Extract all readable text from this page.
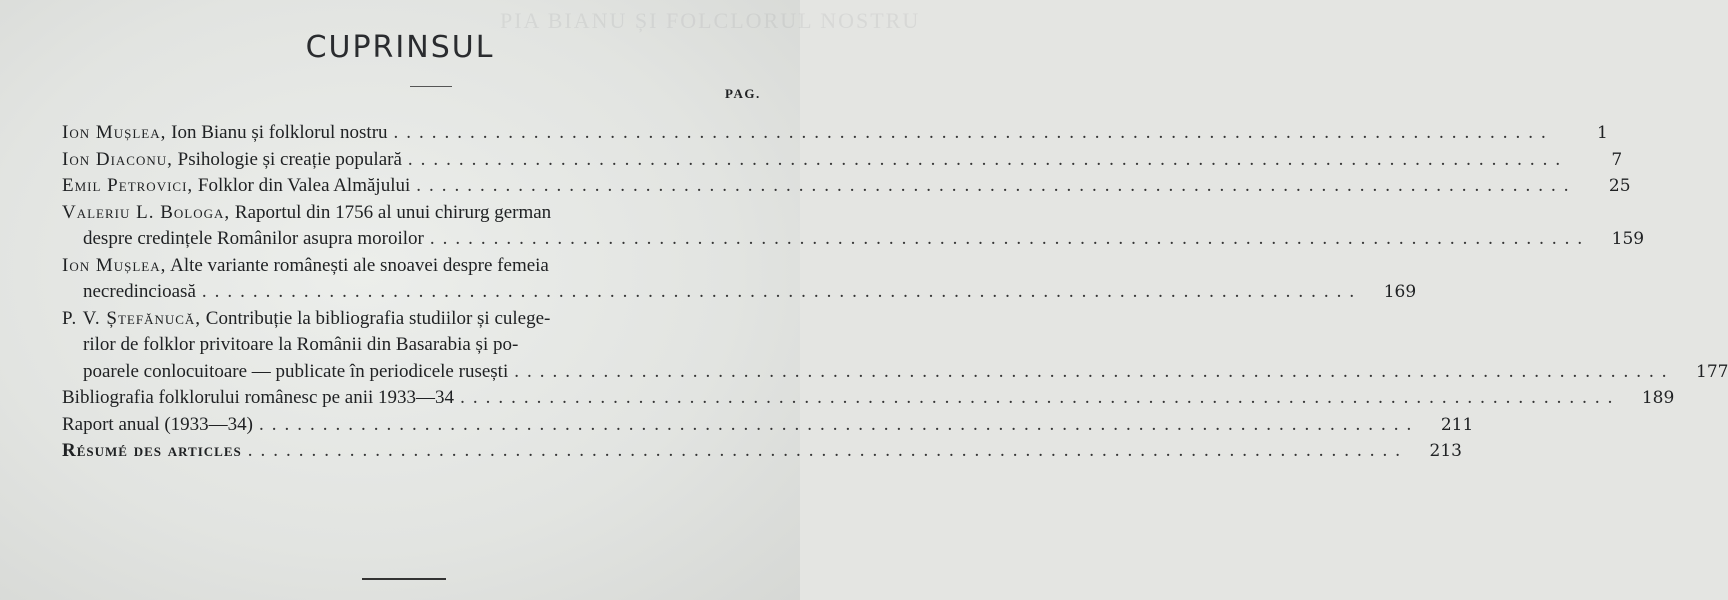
PIA BIANU ȘI FOLCLORUL NOSTRU
CUPRINSUL
PAG.
Ion Mușlea, Ion Bianu și folklorul nostru ...........................................................................................	1
Ion Diaconu, Psihologie și creație populară ...........................................................................................	7
Emil Petrovici, Folklor din Valea Almăjului ...........................................................................................	25
Valeriu L. Bologa, Raportul din 1756 al unui chirurg german
despre credințele Românilor asupra moroilor ...........................................................................................	159
Ion Mușlea, Alte variante românești ale snoavei despre femeia
necredincioasă ...........................................................................................	169
P. V. Ștefănucă, Contribuție la bibliografia studiilor și culege-
rilor de folklor privitoare la Românii din Basarabia și po-
poarele conlocuitoare — publicate în periodicele rusești ...........................................................................................	177
Bibliografia folklorului românesc pe anii 1933—34 ...........................................................................................	189
Raport anual (1933—34) ...........................................................................................	211
Résumé des articles ...........................................................................................	213
